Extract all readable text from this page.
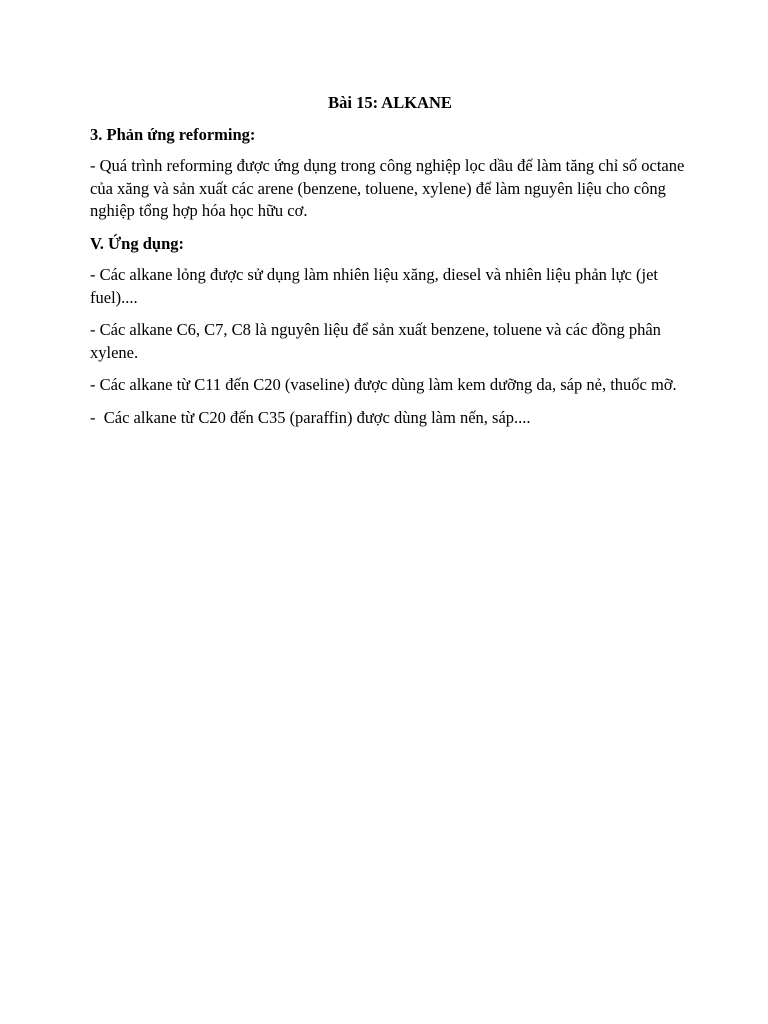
Bài 15: ALKANE
3. Phản ứng reforming:
- Quá trình reforming được ứng dụng trong công nghiệp lọc dầu để làm tăng chỉ số octane của xăng và sản xuất các arene (benzene, toluene, xylene) để làm nguyên liệu cho công nghiệp tổng hợp hóa học hữu cơ.
V. Ứng dụng:
- Các alkane lỏng được sử dụng làm nhiên liệu xăng, diesel và nhiên liệu phản lực (jet fuel)....
- Các alkane C6, C7, C8 là nguyên liệu để sản xuất benzene, toluene và các đồng phân xylene.
- Các alkane từ C11 đến C20 (vaseline) được dùng làm kem dưỡng da, sáp nẻ, thuốc mỡ.
-  Các alkane từ C20 đến C35 (paraffin) được dùng làm nến, sáp....
